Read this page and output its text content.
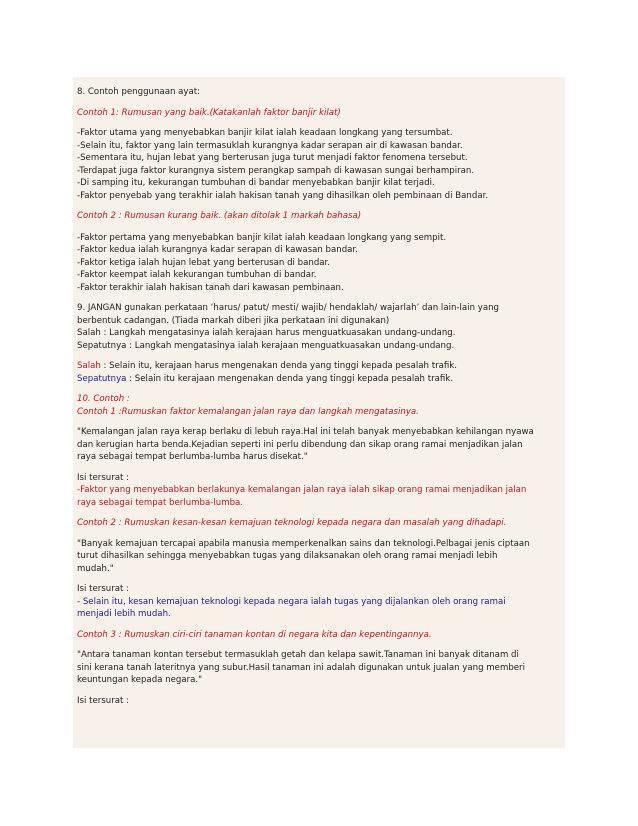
8. Contoh penggunaan ayat:

Contoh 1: Rumusan yang baik.(Katakanlah faktor banjir kilat)

-Faktor utama yang menyebabkan banjir kilat ialah keadaan longkang yang tersumbat.

-Selain itu, faktor yang lain termasuklah kurangnya kadar serapan air di kawasan bandar.

-Sementara itu, hujan lebat yang berterusan juga turut menjadi faktor fenomena tersebut.

-Terdapat juga faktor kurangnya sistem perangkap sampah di kawasan sungai berhampiran.

-Di samping itu, kekurangan tumbuhan di bandar menyebabkan banjir kilat terjadi.

-Faktor penyebab yang terakhir ialah hakisan tanah yang dihasilkan oleh pembinaan di Bandar.

Contoh 2 : Rumusan kurang baik. (akan ditolak 1 markah bahasa)

-Faktor pertama yang menyebabkan banjir kilat ialah keadaan longkang yang sempit.

-Faktor kedua ialah kurangnya kadar serapan di kawasan bandar.

-Faktor ketiga ialah hujan lebat yang berterusan di bandar.

-Faktor keempat ialah kekurangan tumbuhan di bandar.

-Faktor terakhir ialah hakisan tanah dari kawasan pembinaan.

9. JANGAN gunakan perkataan ‘harus/ patut/ mesti/ wajib/ hendaklah/ wajarlah’ dan lain-lain yang

berbentuk cadangan. (Tiada markah diberi jika perkataan ini digunakan)

Salah : Langkah mengatasinya ialah kerajaan harus menguatkuasakan undang-undang.

Sepatutnya : Langkah mengatasinya ialah kerajaan menguatkuasakan undang-undang.

Salah : Selain itu, kerajaan harus mengenakan denda yang tinggi kepada pesalah trafik.

Sepatutnya : Selain itu kerajaan mengenakan denda yang tinggi kepada pesalah trafik.

10. Contoh :

Contoh 1 :Rumuskan faktor kemalangan jalan raya dan langkah mengatasinya.

"Kemalangan jalan raya kerap berlaku di lebuh raya.Hal ini telah banyak menyebabkan kehilangan nyawa

dan kerugian harta benda.Kejadian seperti ini perlu dibendung dan sikap orang ramai menjadikan jalan

raya sebagai tempat berlumba-lumba harus disekat."

Isi tersurat :

-Faktor yang menyebabkan berlakunya kemalangan jalan raya ialah sikap orang ramai menjadikan jalan

raya sebagai tempat berlumba-lumba.

Contoh 2 : Rumuskan kesan-kesan kemajuan teknologi kepada negara dan masalah yang dihadapi.

"Banyak kemajuan tercapai apabila manusia memperkenalkan sains dan teknologi.Pelbagai jenis ciptaan

turut dihasilkan sehingga menyebabkan tugas yang dilaksanakan oleh orang ramai menjadi lebih

mudah."

Isi tersurat :

- Selain itu, kesan kemajuan teknologi kepada negara ialah tugas yang dijalankan oleh orang ramai

menjadi lebih mudah.

Contoh 3 : Rumuskan ciri-ciri tanaman kontan di negara kita dan kepentingannya.

"Antara tanaman kontan tersebut termasuklah getah dan kelapa sawit.Tanaman ini banyak ditanam di

sini kerana tanah lateritnya yang subur.Hasil tanaman ini adalah digunakan untuk jualan yang memberi

keuntungan kepada negara."

Isi tersurat :
